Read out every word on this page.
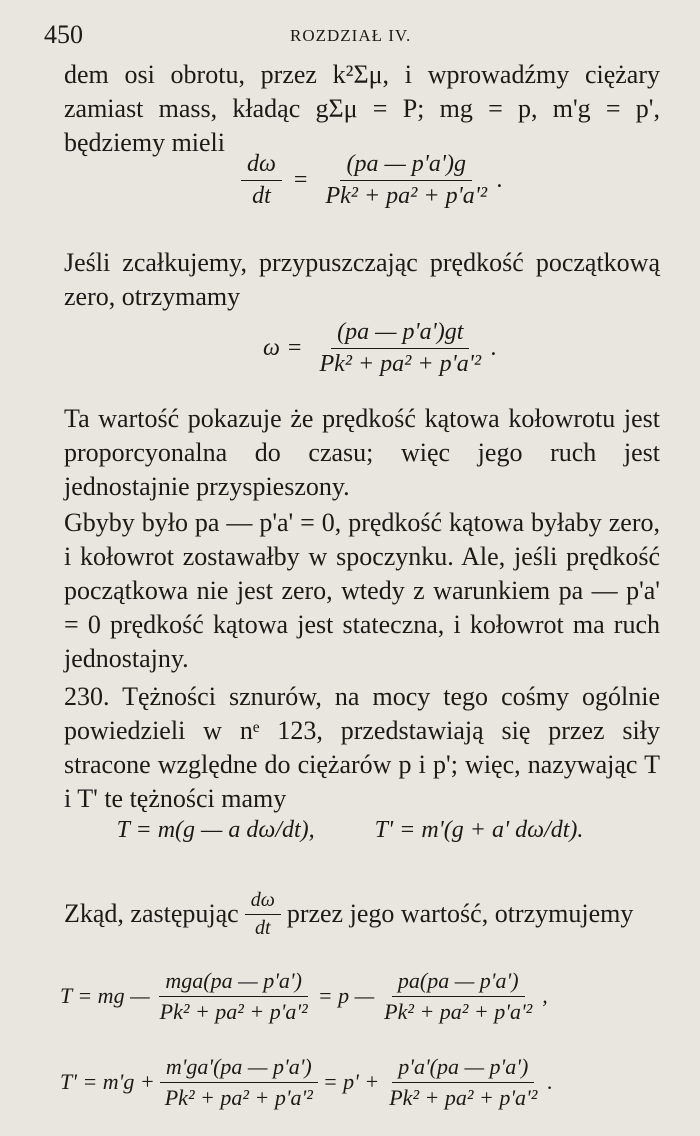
450	ROZDZIAŁ IV.
dem osi obrotu, przez k²Σμ, i wprowadźmy ciężary zamiast mass, kładąc gΣμ = P; mg = p, m'g = p', będziemy mieli
$\frac{d\omega}{dt} = \frac{(pa — p'a')g}{\text{Pk² + pa² + p'a'²}}$ .
Jeśli zcałkujemy, przypuszczając prędkość początkową zero, otrzymamy
$\omega = \frac{(pa — p'a')gt}{\text{Pk² + pa² + p'a'²}}$ .
Ta wartość pokazuje że prędkość kątowa kołowrotu jest proporcyonalna do czasu; więc jego ruch jest jednostajnie przyspieszony.
Gbyby było pa — p'a' = 0, prędkość kątowa byłaby zero, i kołowrot zostawałby w spoczynku. Ale, jeśli prędkość początkowa nie jest zero, wtedy z warunkiem pa — p'a' = 0 prędkość kątowa jest stateczna, i kołowrot ma ruch jednostajny.
230. Tężności sznurów, na mocy tego cośmy ogólnie powiedzieli w nᵉ 123, przedstawiają się przez siły stracone względne do ciężarów p i p'; więc, nazywając T i T' te tężności mamy
T = m(g — a dω/dt),	T' = m'(g + a' dω/dt).
Zkąd, zastępując $\frac{d\omega}{dt}$ przez jego wartość, otrzymujemy
T = mg — $\frac{\text{mga(pa — p'a')}}{\text{Pk² + pa² + p'a'²}} = p$ — $\frac{pa(pa — p'a')}{\text{Pk² + pa² + p'a'²}}$ ,
$T' = m'g + \frac{m'ga'(pa — p'a')}{\text{Pk² + pa² + p'a'²}} = p' + \frac{p'a'(pa — p'a')}{\text{Pk² + pa² + p'a'²}}$ .
